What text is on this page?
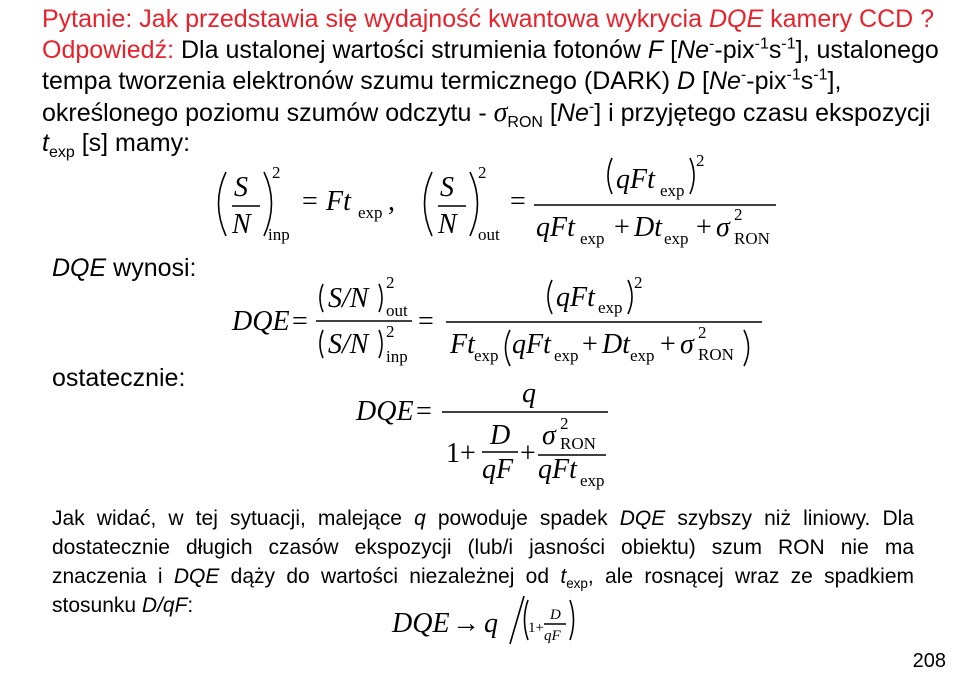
Pytanie: Jak przedstawia się wydajność kwantowa wykrycia DQE kamery CCD ?
Odpowiedź: Dla ustalonej wartości strumienia fotonów F $[Ne^--pix^{-1}s^{-1}]$, ustalonego
tempa tworzenia elektronów szumu termicznego (DARK) D $[Ne^--pix^{-1}s^{-1}]$,
określonego poziomu szumów odczytu - $\sigma_{RON}$ [Ne-] i przyjętego czasu ekspozycji
$t_{exp}$ [s] mamy:
DQE wynosi:
ostatecznie:
S
N
2
inp
= Ft exp , S
N
2
out
=
qFt exp
2
qFt exp + Dt exp + σ 2
RON
DQE =
S/N
2
out
S/N 2
inp
=
qFt exp
2
Ft exp qFt exp + Dt exp + σ 2
RON
DQE =
q
1 +
D
qF
+
σ 2
RON
qFt exp
DQE → q 1+
D
qF
Jak widać, w tej sytuacji, malejące q powoduje spadek DQE szybszy niż liniowy. Dla
dostatecznie długich czasów ekspozycji (lub/i jasności obiektu) szum RON nie ma
znaczenia i DQE dąży do wartości niezależnej od $t_{exp}$, ale rosnącej wraz ze spadkiem
stosunku D/qF:
208
